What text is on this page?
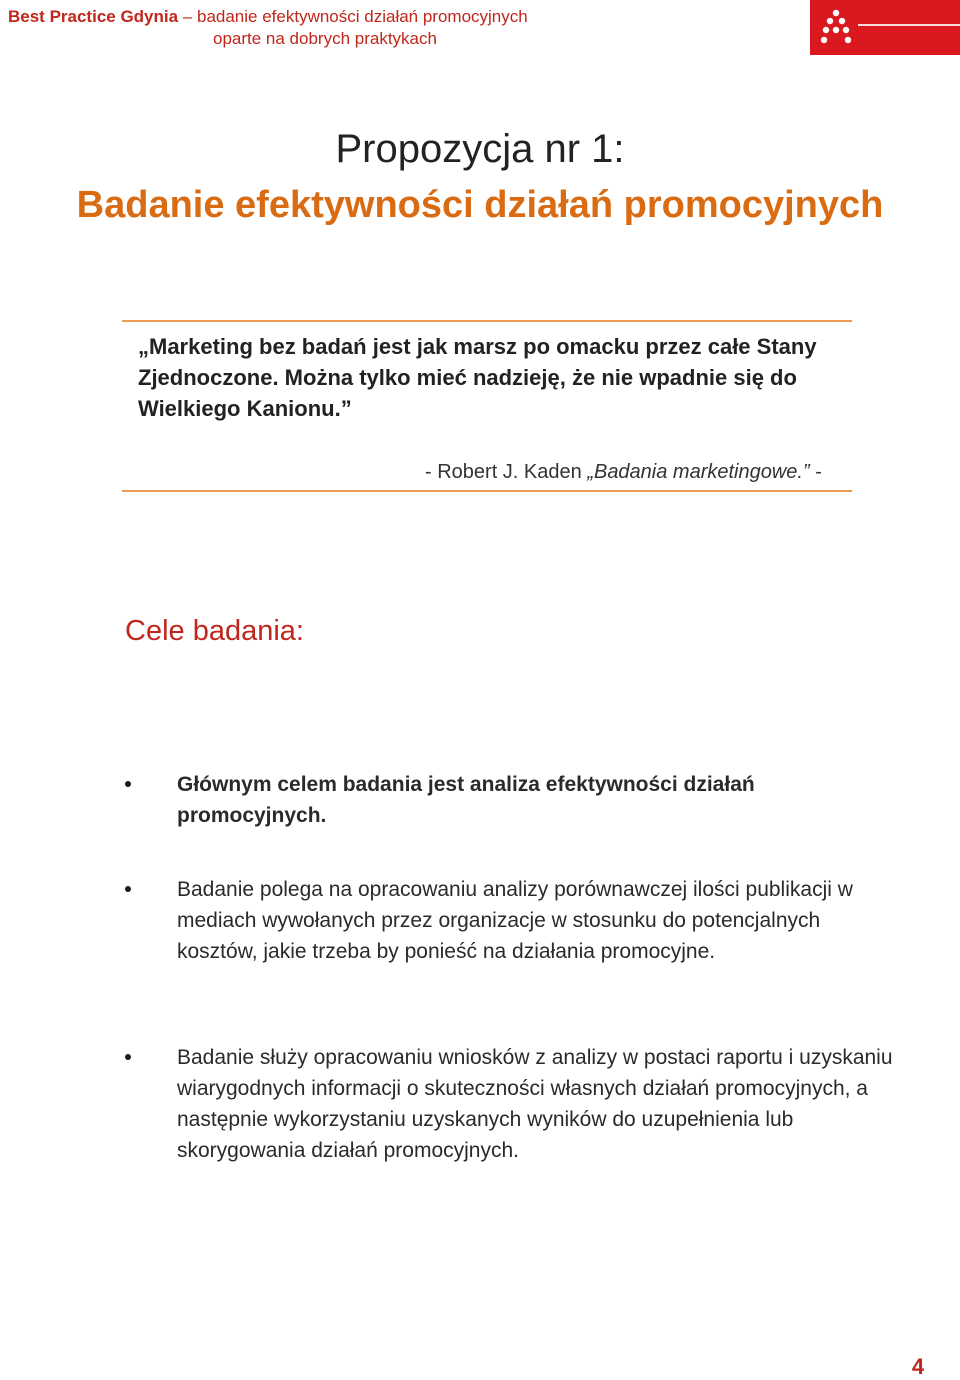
Best Practice Gdynia – badanie efektywności działań promocyjnych
oparte na dobrych praktykach
Propozycja nr 1:
Badanie efektywności działań promocyjnych
„Marketing bez badań jest jak marsz po omacku przez całe Stany Zjednoczone. Można tylko mieć nadzieję, że nie wpadnie się do Wielkiego Kanionu.”
- Robert J. Kaden „Badania marketingowe.” -
Cele badania:
Głównym celem badania jest analiza efektywności działań promocyjnych.
Badanie polega na opracowaniu analizy porównawczej ilości publikacji w mediach wywołanych przez organizacje w stosunku do potencjalnych kosztów, jakie trzeba by ponieść na działania promocyjne.
Badanie służy opracowaniu wniosków z analizy w postaci raportu i uzyskaniu wiarygodnych informacji o skuteczności własnych działań promocyjnych, a następnie wykorzystaniu uzyskanych wyników do uzupełnienia lub skorygowania działań promocyjnych.
4
